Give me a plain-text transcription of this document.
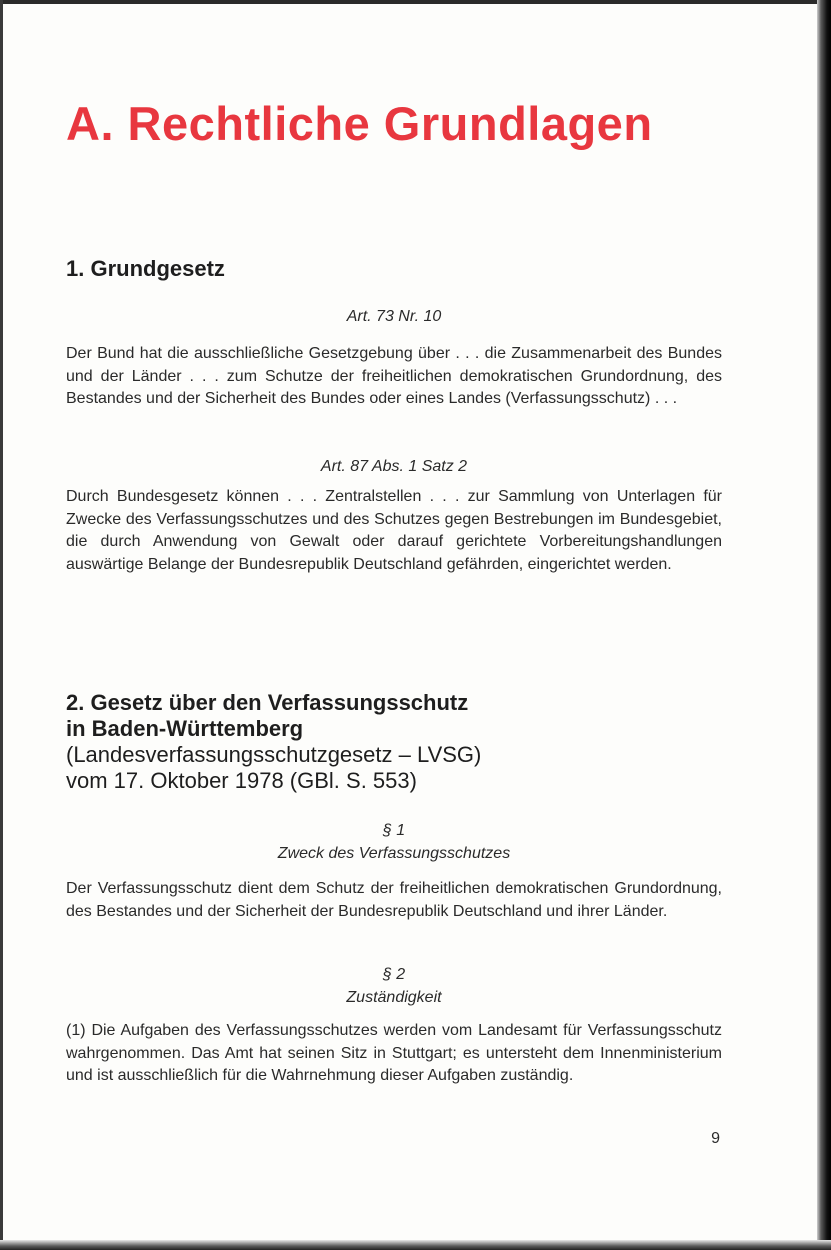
A. Rechtliche Grundlagen
1. Grundgesetz

Art. 73 Nr. 10

Der Bund hat die ausschließliche Gesetzgebung über . . . die Zusammenarbeit des Bundes und der Länder . . . zum Schutze der freiheitlichen demokratischen Grundordnung, des Bestandes und der Sicherheit des Bundes oder eines Landes (Verfassungsschutz) . . .

Art. 87 Abs. 1 Satz 2

Durch Bundesgesetz können . . . Zentralstellen . . . zur Sammlung von Unterlagen für Zwecke des Verfassungsschutzes und des Schutzes gegen Bestrebungen im Bundesgebiet, die durch Anwendung von Gewalt oder darauf gerichtete Vorbereitungshandlungen auswärtige Belange der Bundesrepublik Deutschland gefährden, eingerichtet werden.

2. Gesetz über den Verfassungsschutz
in Baden-Württemberg

(Landesverfassungsschutzgesetz – LVSG)
vom 17. Oktober 1978 (GBl. S. 553)

§ 1

Zweck des Verfassungsschutzes

Der Verfassungsschutz dient dem Schutz der freiheitlichen demokratischen Grundordnung, des Bestandes und der Sicherheit der Bundesrepublik Deutschland und ihrer Länder.

§ 2

Zuständigkeit

(1) Die Aufgaben des Verfassungsschutzes werden vom Landesamt für Verfassungsschutz wahrgenommen. Das Amt hat seinen Sitz in Stuttgart; es untersteht dem Innenministerium und ist ausschließlich für die Wahrnehmung dieser Aufgaben zuständig.

9
